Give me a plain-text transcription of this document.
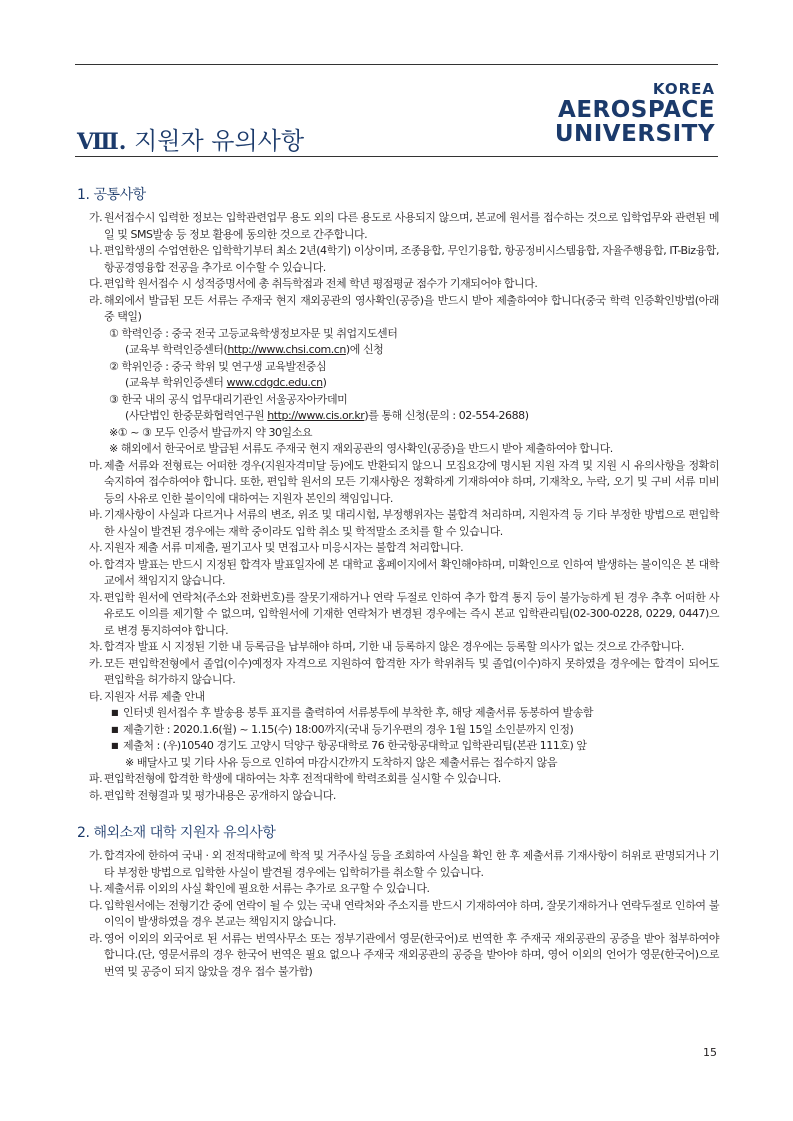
KOREA
AEROSPACE
UNIVERSITY
Ⅷ. 지원자 유의사항
1. 공통사항
가. 원서접수시 입력한 정보는 입학관련업무 용도 외의 다른 용도로 사용되지 않으며, 본교에 원서를 접수하는 것으로 입학업무와 관련된 메일 및 SMS발송 등 정보 활용에 동의한 것으로 간주합니다.
나. 편입학생의 수업연한은 입학학기부터 최소 2년(4학기) 이상이며, 조종융합, 무인기융합, 항공정비시스템융합, 자율주행융합, IT-Biz융합, 항공경영융합 전공을 추가로 이수할 수 있습니다.
다. 편입학 원서접수 시 성적증명서에 총 취득학점과 전체 학년 평점평균 점수가 기재되어야 합니다.
라. 해외에서 발급된 모든 서류는 주재국 현지 재외공관의 영사확인(공증)을 반드시 받아 제출하여야 합니다(중국 학력 인증확인방법(아래 중 택일)
① 학력인증 : 중국 전국 고등교육학생정보자문 및 취업지도센터
(교육부 학력인증센터(http://www.chsi.com.cn)에 신청
② 학위인증 : 중국 학위 및 연구생 교육발전중심
(교육부 학위인증센터 www.cdgdc.edu.cn)
③ 한국 내의 공식 업무대리기관인 서울공자아카데미
(사단법인 한중문화협력연구원 http://www.cis.or.kr)를 통해 신청(문의 : 02-554-2688)
※① ~ ③ 모두 인증서 발급까지 약 30일소요
※ 해외에서 한국어로 발급된 서류도 주재국 현지 재외공관의 영사확인(공증)을 반드시 받아 제출하여야 합니다.
마. 제출 서류와 전형료는 어떠한 경우(지원자격미달 등)에도 반환되지 않으니 모집요강에 명시된 지원 자격 및 지원 시 유의사항을 정확히 숙지하여 접수하여야 합니다. 또한, 편입학 원서의 모든 기재사항은 정확하게 기재하여야 하며, 기재착오, 누락, 오기 및 구비 서류 미비 등의 사유로 인한 불이익에 대하여는 지원자 본인의 책임입니다.
바. 기재사항이 사실과 다르거나 서류의 변조, 위조 및 대리시험, 부정행위자는 불합격 처리하며, 지원자격 등 기타 부정한 방법으로 편입학한 사실이 발견된 경우에는 재학 중이라도 입학 취소 및 학적말소 조치를 할 수 있습니다.
사. 지원자 제출 서류 미제출, 필기고사 및 면접고사 미응시자는 불합격 처리합니다.
아. 합격자 발표는 반드시 지정된 합격자 발표일자에 본 대학교 홈페이지에서 확인해야하며, 미확인으로 인하여 발생하는 불이익은 본 대학교에서 책임지지 않습니다.
자. 편입학 원서에 연락처(주소와 전화번호)를 잘못기재하거나 연락 두절로 인하여 추가 합격 통지 등이 불가능하게 된 경우 추후 어떠한 사유로도 이의를 제기할 수 없으며, 입학원서에 기재한 연락처가 변경된 경우에는 즉시 본교 입학관리팀(02-300-0228, 0229, 0447)으로 변경 통지하여야 합니다.
차. 합격자 발표 시 지정된 기한 내 등록금을 납부해야 하며, 기한 내 등록하지 않은 경우에는 등록할 의사가 없는 것으로 간주합니다.
카. 모든 편입학전형에서 졸업(이수)예정자 자격으로 지원하여 합격한 자가 학위취득 및 졸업(이수)하지 못하였을 경우에는 합격이 되어도 편입학을 허가하지 않습니다.
타. 지원자 서류 제출 안내
■ 인터넷 원서접수 후 발송용 봉투 표지를 출력하여 서류봉투에 부착한 후, 해당 제출서류 동봉하여 발송함
■ 제출기한 : 2020.1.6(월) ~ 1.15(수) 18:00까지(국내 등기우편의 경우 1월 15일 소인분까지 인정)
■ 제출처 : (우)10540 경기도 고양시 덕양구 항공대학로 76 한국항공대학교 입학관리팀(본관 111호) 앞
※ 배달사고 및 기타 사유 등으로 인하여 마감시간까지 도착하지 않은 제출서류는 접수하지 않음
파. 편입학전형에 합격한 학생에 대하여는 차후 전적대학에 학력조회를 실시할 수 있습니다.
하. 편입학 전형결과 및 평가내용은 공개하지 않습니다.
2. 해외소재 대학 지원자 유의사항
가. 합격자에 한하여 국내 · 외 전적대학교에 학적 및 거주사실 등을 조회하여 사실을 확인 한 후 제출서류 기재사항이 허위로 판명되거나 기타 부정한 방법으로 입학한 사실이 발견될 경우에는 입학허가를 취소할 수 있습니다.
나. 제출서류 이외의 사실 확인에 필요한 서류는 추가로 요구할 수 있습니다.
다. 입학원서에는 전형기간 중에 연락이 될 수 있는 국내 연락처와 주소지를 반드시 기재하여야 하며, 잘못기재하거나 연락두절로 인하여 불이익이 발생하였을 경우 본교는 책임지지 않습니다.
라. 영어 이외의 외국어로 된 서류는 번역사무소 또는 정부기관에서 영문(한국어)로 번역한 후 주재국 재외공관의 공증을 받아 첨부하여야 합니다.(단, 영문서류의 경우 한국어 번역은 필요 없으나 주재국 재외공관의 공증을 받아야 하며, 영어 이외의 언어가 영문(한국어)으로 번역 및 공증이 되지 않았을 경우 접수 불가함)
15
